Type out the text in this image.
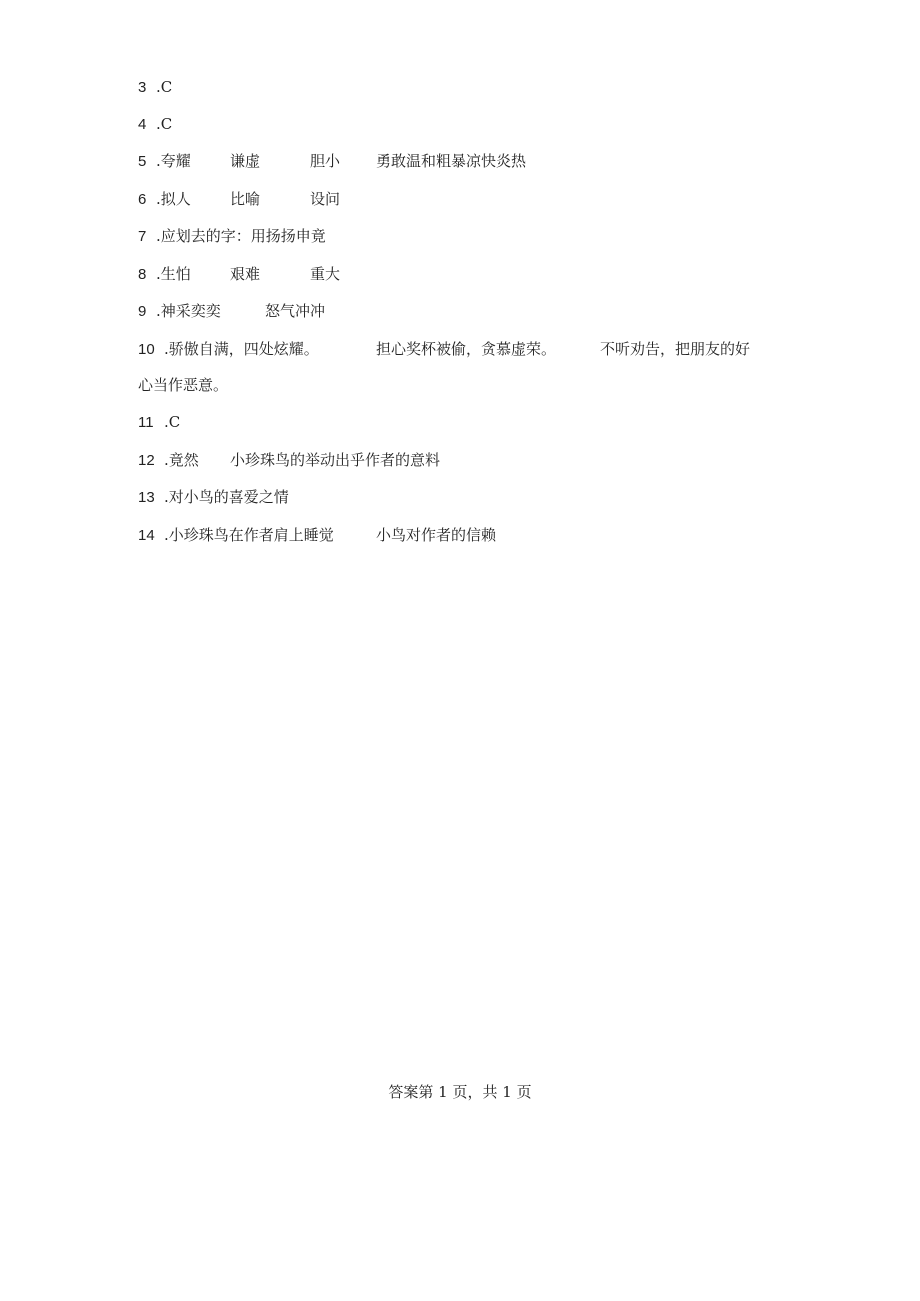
3 .C
4 .C
5 .夸耀	谦虚	胆小 勇敢温和粗暴凉快炎热
6 .拟人	比喻	设问
7 .应划去的字：用扬扬申竟
8 .生怕	艰难	重大
9 .神采奕奕	怒气冲冲
10 .骄傲自满，四处炫耀。	担心奖杯被偷，贪慕虚荣。	不听劝告，把朋友的好
心当作恶意。
11 .C
12 .竟然 小珍珠鸟的举动出乎作者的意料
13 .对小鸟的喜爱之情
14 .小珍珠鸟在作者肩上睡觉	小鸟对作者的信赖
答案第 1 页，共 1 页
